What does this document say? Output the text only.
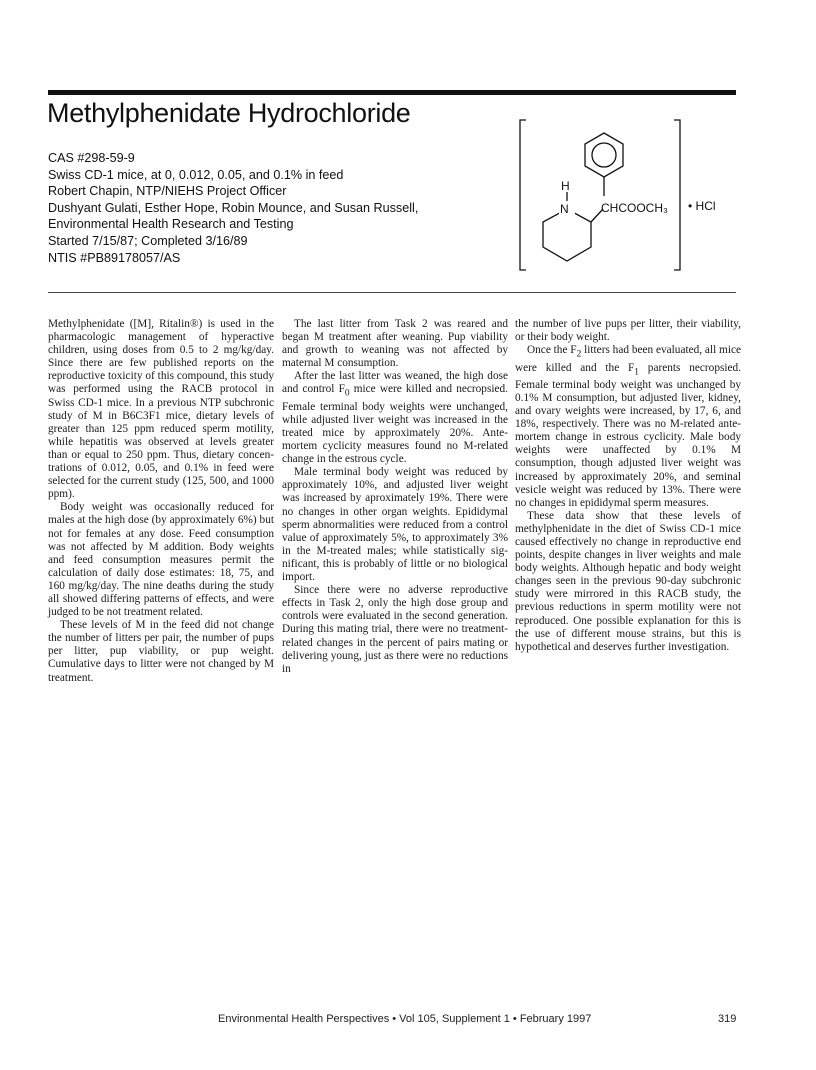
Methylphenidate Hydrochloride
CAS #298-59-9
Swiss CD-1 mice, at 0, 0.012, 0.05, and 0.1% in feed
Robert Chapin, NTP/NIEHS Project Officer
Dushyant Gulati, Esther Hope, Robin Mounce, and Susan Russell,
Environmental Health Research and Testing
Started 7/15/87; Completed 3/16/89
NTIS #PB89178057/AS
H
N	CHCOOCH₃ • HCl

Methylphenidate ([M], Ritalin®) is used in the pharmacologic management of hyperactive children, using doses from 0.5 to 2 mg/kg/day. Since there are few published reports on the reproductive toxicity of this compound, this study was performed using the RACB protocol in Swiss CD-1 mice. In a previous NTP subchronic study of M in B6C3F1 mice, dietary levels of greater than 125 ppm reduced sperm motility, while hepatitis was observed at levels greater than or equal to 250 ppm. Thus, dietary concentrations of 0.012, 0.05, and 0.1% in feed were selected for the current study (125, 500, and 1000 ppm).

Body weight was occasionally reduced for males at the high dose (by approximately 6%) but not for females at any dose. Feed consumption was not affected by M addition. Body weights and feed consumption measures permit the calculation of daily dose estimates: 18, 75, and 160 mg/kg/day. The nine deaths during the study all showed differing patterns of effects, and were judged to be not treatment related.

These levels of M in the feed did not change the number of litters per pair, the number of pups per litter, pup viability, or pup weight. Cumulative days to litter were not changed by M treatment.

The last litter from Task 2 was reared and began M treatment after weaning. Pup viability and growth to weaning was not affected by maternal M consumption.

After the last litter was weaned, the high dose and control $F_0$ mice were killed and necropsied. Female terminal body weights were unchanged, while adjusted liver weight was increased in the treated mice by approximately 20%. Ante-mortem cyclicity measures found no M-related change in the estrous cycle.

Male terminal body weight was reduced by approximately 10%, and adjusted liver weight was increased by aproximately 19%. There were no changes in other organ weights. Epididymal sperm abnormalities were reduced from a control value of approximately 5%, to approximately 3% in the M-treated males; while statistically significant, this is probably of little or no biological import.

Since there were no adverse reproductive effects in Task 2, only the high dose group and controls were evaluated in the second generation. During this mating trial, there were no treatment-related changes in the percent of pairs mating or delivering young, just as there were no reductions in

the number of live pups per litter, their viability, or their body weight.

Once the $F_2$ litters had been evaluated, all mice were killed and the $F_1$ parents necropsied. Female terminal body weight was unchanged by 0.1% M consumption, but adjusted liver, kidney, and ovary weights were increased, by 17, 6, and 18%, respectively. There was no M-related antemortem change in estrous cyclicity. Male body weights were unaffected by 0.1% M consumption, though adjusted liver weight was increased by approximately 20%, and seminal vesicle weight was reduced by 13%. There were no changes in epididymal sperm measures.

These data show that these levels of methylphenidate in the diet of Swiss CD-1 mice caused effectively no change in reproductive end points, despite changes in liver weights and male body weights. Although hepatic and body weight changes seen in the previous 90-day subchronic study were mirrored in this RACB study, the previous reductions in sperm motility were not reproduced. One possible explanation for this is the use of different mouse strains, but this is hypothetical and deserves further investigation.

Environmental Health Perspectives • Vol 105, Supplement 1 • February 1997	319
